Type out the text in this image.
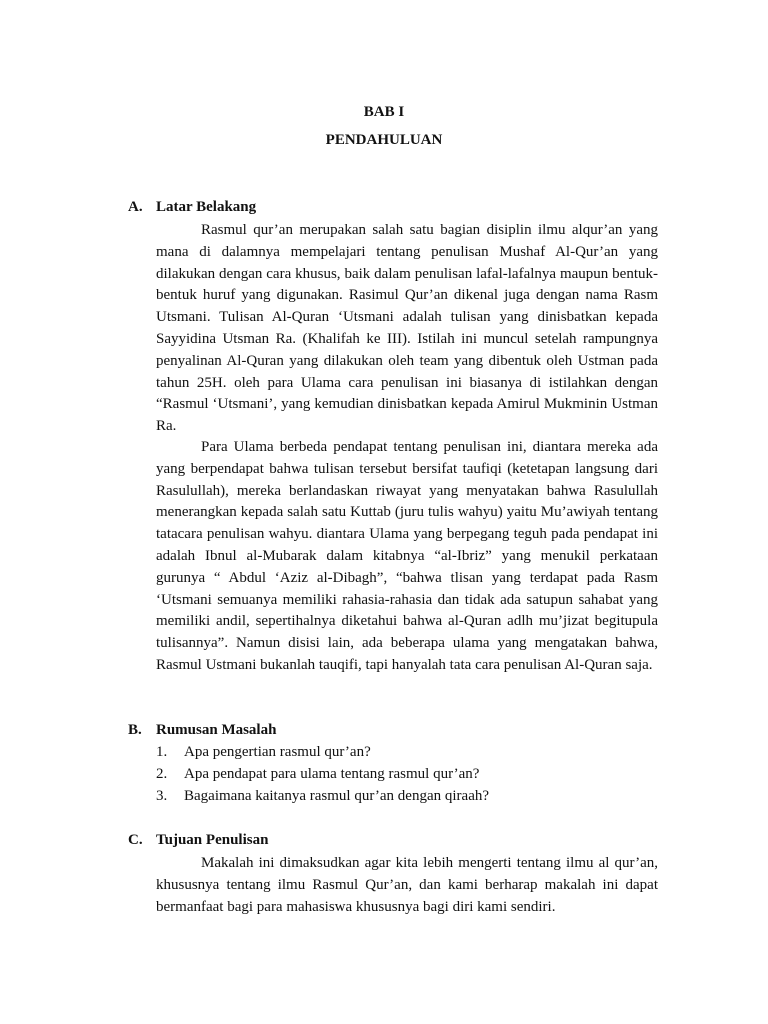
BAB I
PENDAHULUAN
A. Latar Belakang

Rasmul qur’an merupakan salah satu bagian disiplin ilmu alqur’an yang mana di dalamnya mempelajari tentang penulisan Mushaf Al-Qur’an yang dilakukan dengan cara khusus, baik dalam penulisan lafal-lafalnya maupun bentuk-bentuk huruf yang digunakan. Rasimul Qur’an dikenal juga dengan nama Rasm Utsmani. Tulisan Al-Quran ‘Utsmani adalah tulisan yang dinisbatkan kepada Sayyidina Utsman Ra. (Khalifah ke III). Istilah ini muncul setelah rampungnya penyalinan Al-Quran yang dilakukan oleh team yang dibentuk oleh Ustman pada tahun 25H. oleh para Ulama cara penulisan ini biasanya di istilahkan dengan “Rasmul ‘Utsmani’, yang kemudian dinisbatkan kepada Amirul Mukminin Ustman Ra.

Para Ulama berbeda pendapat tentang penulisan ini, diantara mereka ada yang berpendapat bahwa tulisan tersebut bersifat taufiqi (ketetapan langsung dari Rasulullah), mereka berlandaskan riwayat yang menyatakan bahwa Rasulullah menerangkan kepada salah satu Kuttab (juru tulis wahyu) yaitu Mu’awiyah tentang tatacara penulisan wahyu. diantara Ulama yang berpegang teguh pada pendapat ini adalah Ibnul al-Mubarak dalam kitabnya “al-Ibriz” yang menukil perkataan gurunya “ Abdul ‘Aziz al-Dibagh”, “bahwa tlisan yang terdapat pada Rasm ‘Utsmani semuanya memiliki rahasia-rahasia dan tidak ada satupun sahabat yang memiliki andil, sepertihalnya diketahui bahwa al-Quran adlh mu’jizat begitupula tulisannya”. Namun disisi lain, ada beberapa ulama yang mengatakan bahwa, Rasmul Ustmani bukanlah tauqifi, tapi hanyalah tata cara penulisan Al-Quran saja.

B. Rumusan Masalah
1. Apa pengertian rasmul qur’an?
2. Apa pendapat para ulama tentang rasmul qur’an?
3. Bagaimana kaitanya rasmul qur’an dengan qiraah?
C. Tujuan Penulisan

Makalah ini dimaksudkan agar kita lebih mengerti tentang ilmu al qur’an, khususnya tentang ilmu Rasmul Qur’an, dan kami berharap makalah ini dapat bermanfaat bagi para mahasiswa khususnya bagi diri kami sendiri.
